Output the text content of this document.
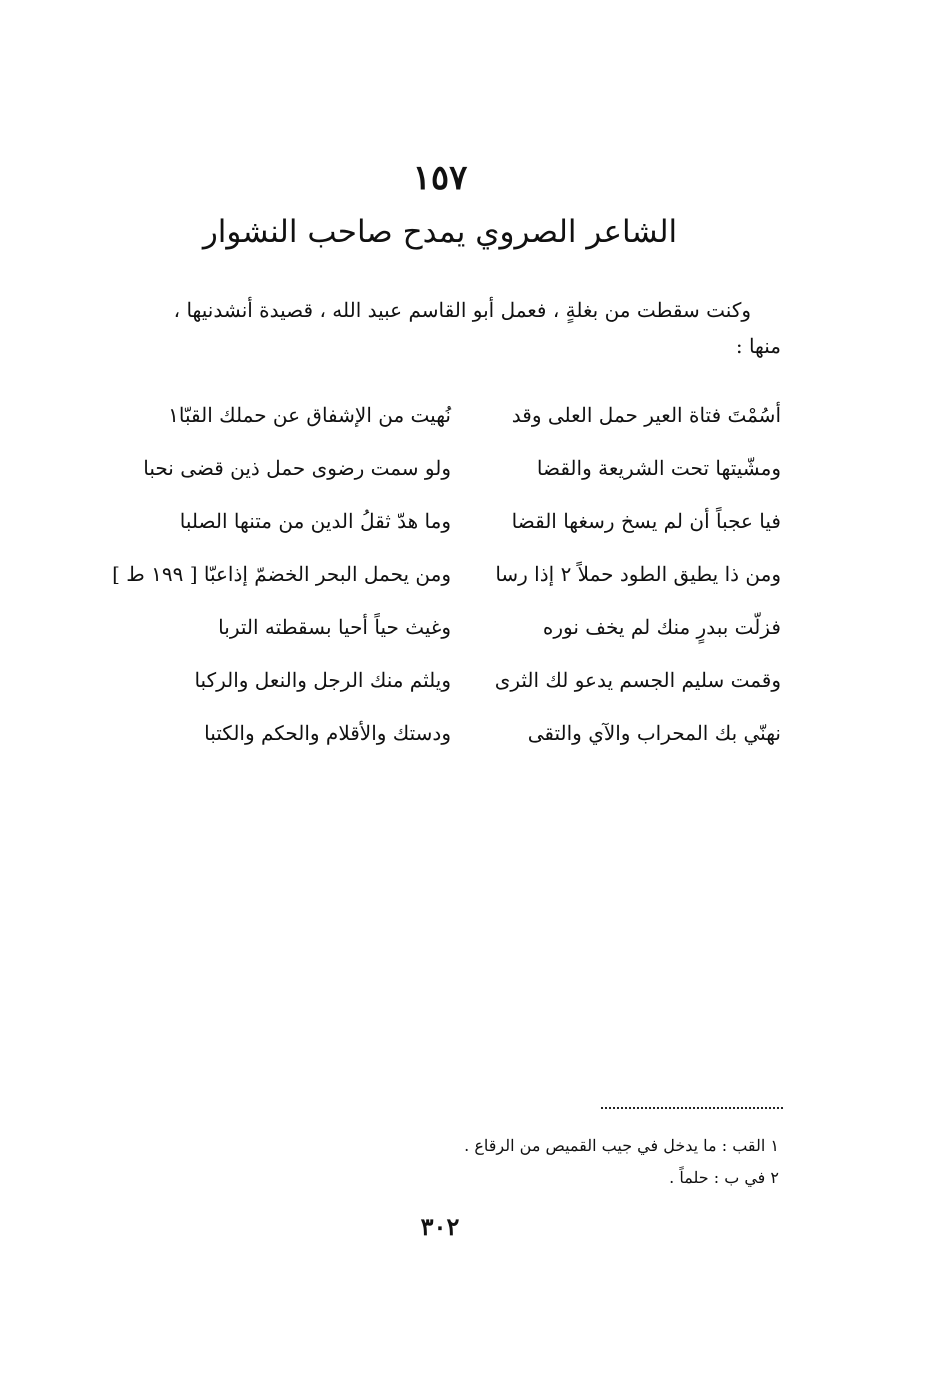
١٥٧
الشاعر الصروي يمدح صاحب النشوار

وكنت سقطت من بغلةٍ ، فعمل أبو القاسم عبيد الله ، قصيدة أنشدنيها ،

منها :

أسُمْتَ فتاة العير حمل العلى وقد
نُهيت من الإشفاق عن حملك القبّا١
ومشّيتها تحت الشريعة والقضا
ولو سمت رضوى حمل ذين قضى نحبا
فيا عجباً أن لم يسخ رسغها القضا
وما هدّ ثقلُ الدين من متنها الصلبا
ومن ذا يطيق الطود حملاً ٢ إذا رسا
ومن يحمل البحر الخضمّ إذاعبّا [ ١٩٩ ط ]
فزلّت ببدرٍ منك لم يخف نوره
وغيث حياً أحيا بسقطته التربا
وقمت سليم الجسم يدعو لك الثرى
ويلثم منك الرجل والنعل والركبا
نهنّي بك المحراب والآي والتقى
ودستك والأقلام والحكم والكتبا

١ القب : ما يدخل في جيب القميص من الرقاع .

٢ في ب : حلماً .

٣٠٢
